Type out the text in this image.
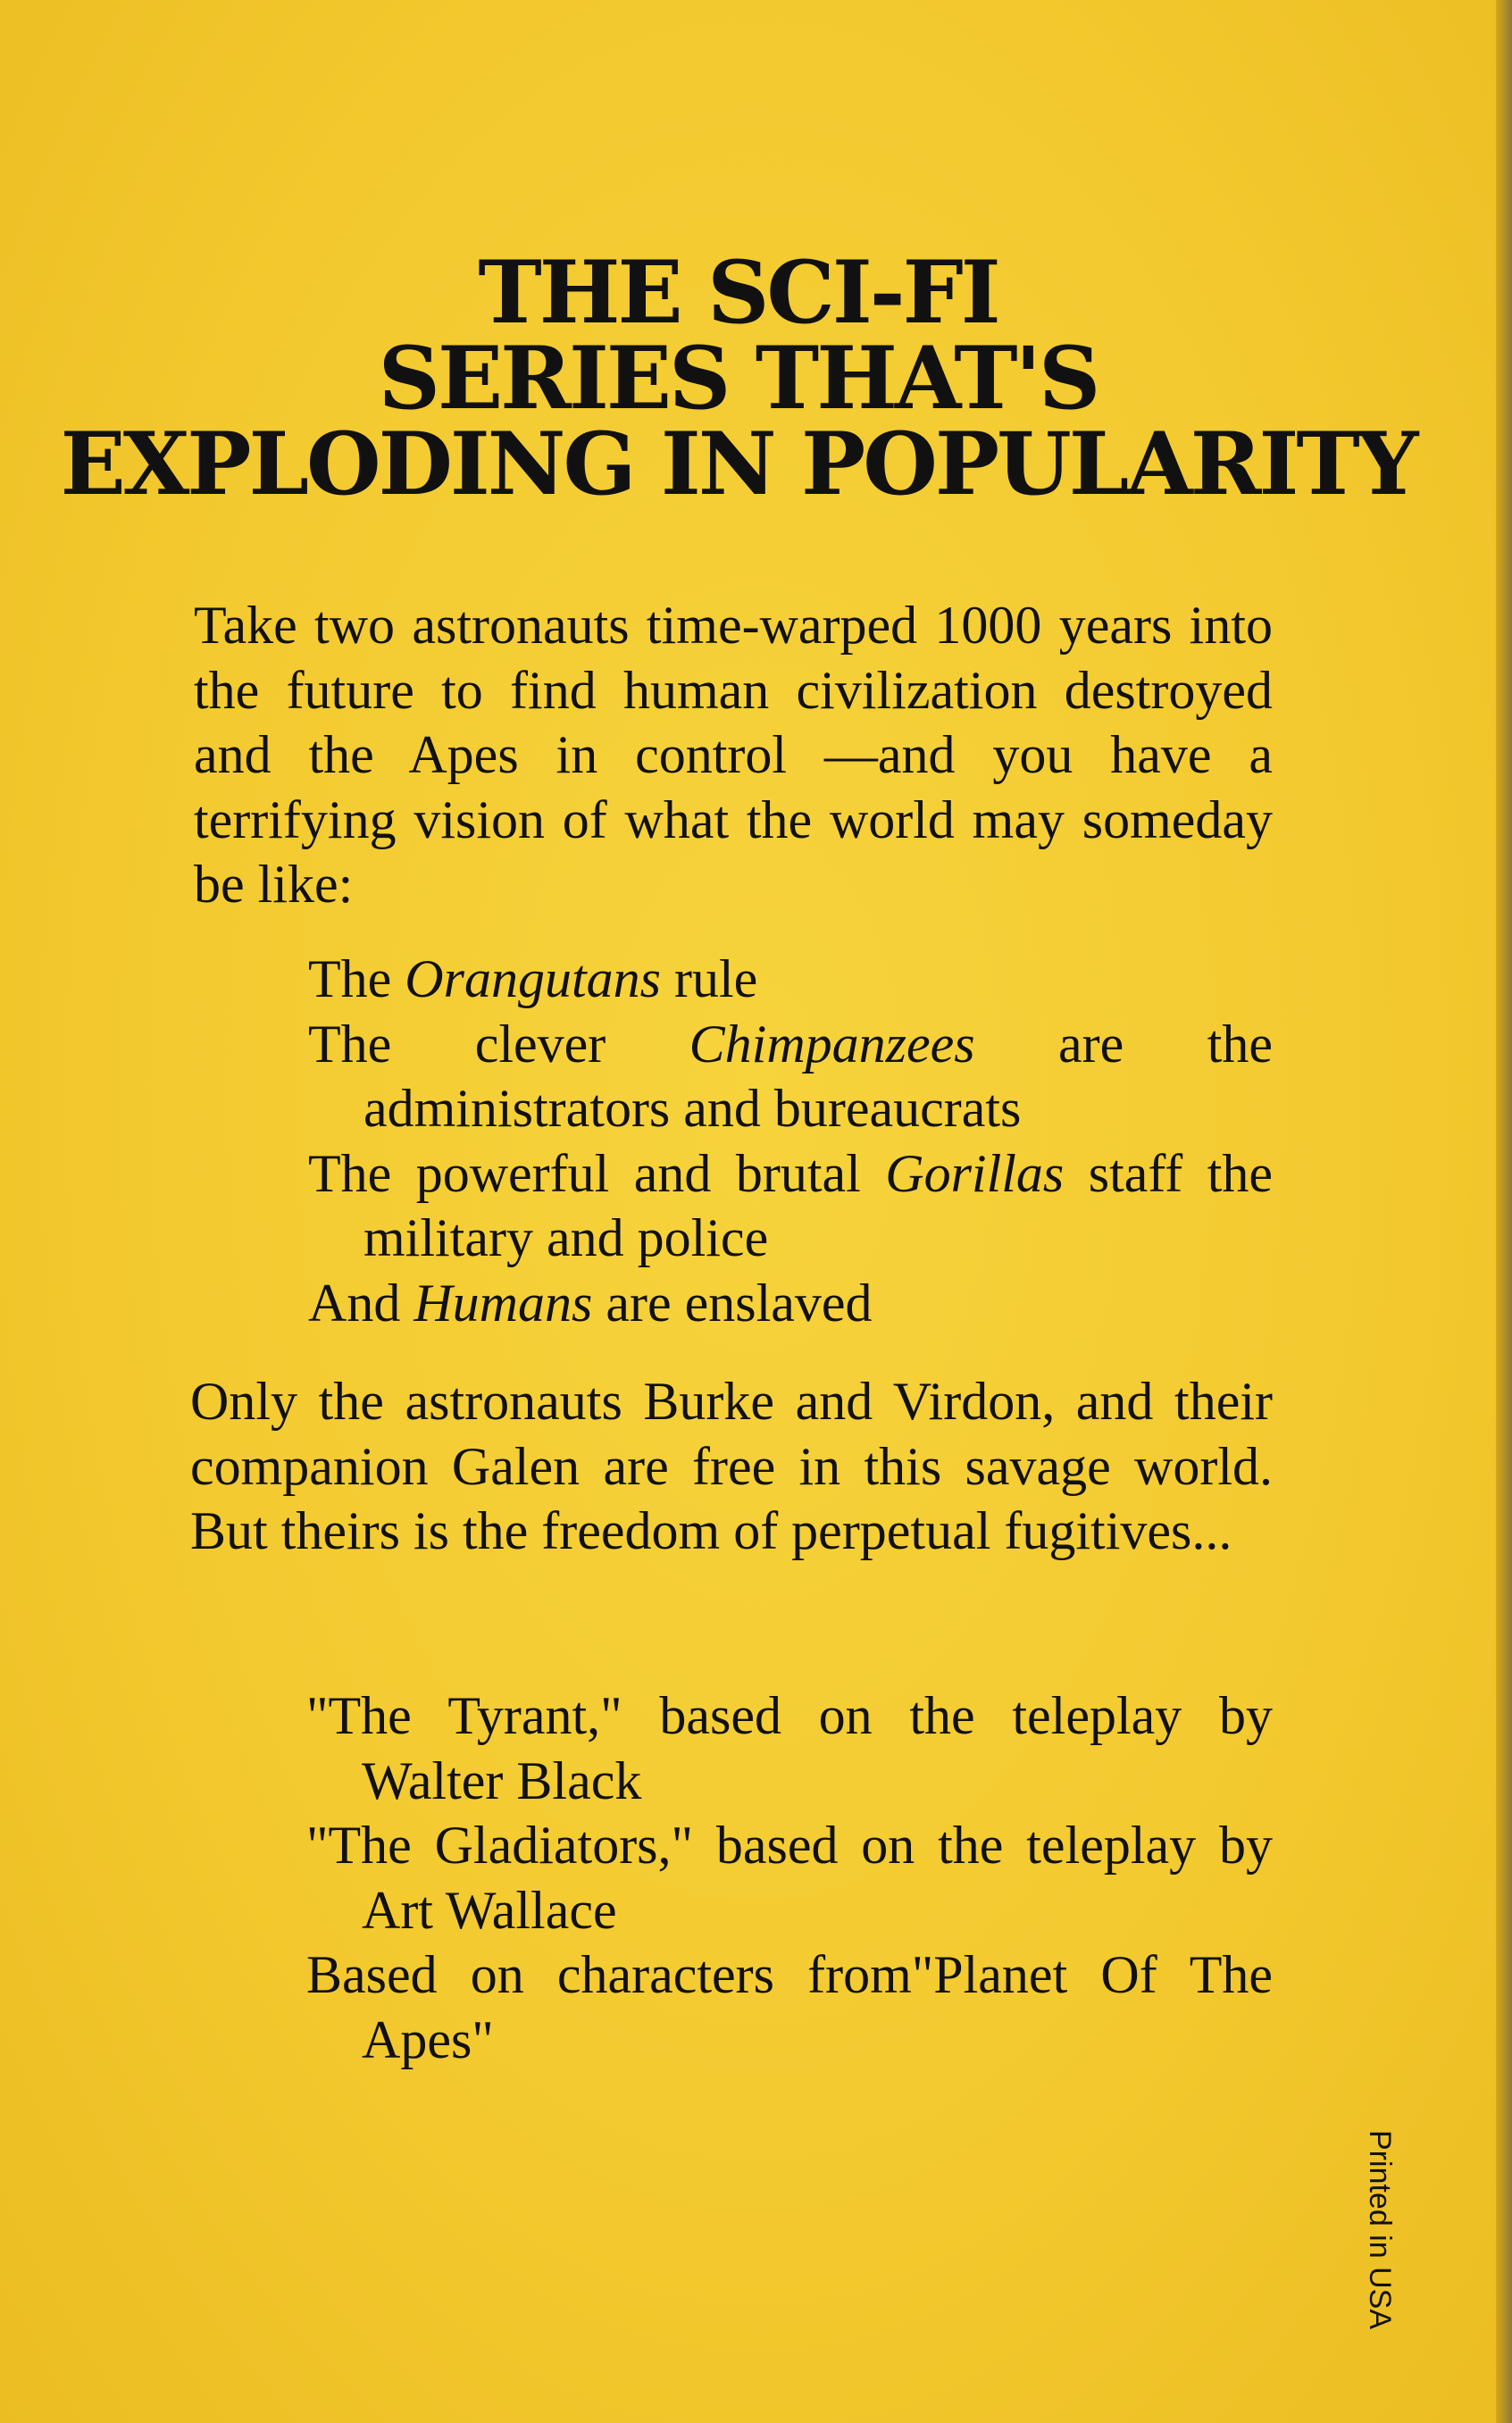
THE SCI-FI
SERIES THAT'S
EXPLODING IN POPULARITY
Take two astronauts time-warped 1000 years into the future to find human civilization destroyed and the Apes in control —and you have a terrifying vision of what the world may someday be like:
The Orangutans rule
The clever Chimpanzees are the administrators and bureaucrats
The powerful and brutal Gorillas staff the military and police
And Humans are enslaved
Only the astronauts Burke and Virdon, and their companion Galen are free in this savage world. But theirs is the freedom of perpetual fugitives...
"The Tyrant," based on the teleplay by Walter Black
"The Gladiators," based on the teleplay by Art Wallace
Based on characters from"Planet Of The Apes"
Printed in USA
